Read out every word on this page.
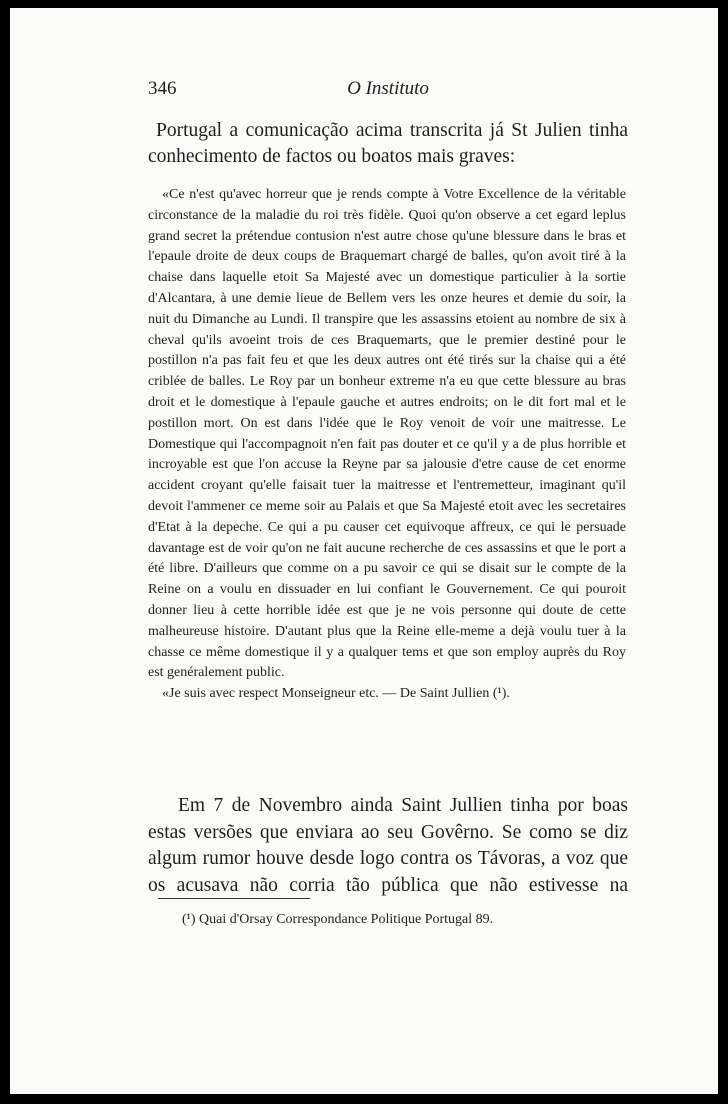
346	O Instituto

Portugal a comunicação acima transcrita já St Julien tinha conhecimento de factos ou boatos mais graves:

«Ce n'est qu'avec horreur que je rends compte à Votre Excellence de la véritable circonstance de la maladie du roi très fidèle. Quoi qu'on observe a cet egard leplus grand secret la prétendue contusion n'est autre chose qu'une blessure dans le bras et l'epaule droite de deux coups de Braquemart chargé de balles, qu'on avoit tiré à la chaise dans laquelle etoit Sa Majesté avec un domestique particulier à la sortie d'Alcantara, à une demie lieue de Bellem vers les onze heures et demie du soir, la nuit du Dimanche au Lundi. Il transpire que les assassins etoient au nombre de six à cheval qu'ils avoeint trois de ces Braquemarts, que le premier destiné pour le postillon n'a pas fait feu et que les deux autres ont été tirés sur la chaise qui a été criblée de balles. Le Roy par un bonheur extreme n'a eu que cette blessure au bras droit et le domestique à l'epaule gauche et autres endroits; on le dit fort mal et le postillon mort. On est dans l'idée que le Roy venoit de voir une maitresse. Le Domestique qui l'accompagnoit n'en fait pas douter et ce qu'il y a de plus horrible et incroyable est que l'on accuse la Reyne par sa jalousie d'etre cause de cet enorme accident croyant qu'elle faisait tuer la maitresse et l'entremetteur, imaginant qu'il devoit l'ammener ce meme soir au Palais et que Sa Majesté etoit avec les secretaires d'Etat à la depeche. Ce qui a pu causer cet equivoque affreux, ce qui le persuade davantage est de voir qu'on ne fait aucune recherche de ces assassins et que le port a été libre. D'ailleurs que comme on a pu savoir ce qui se disait sur le compte de la Reine on a voulu en dissuader en lui confiant le Gouvernement. Ce qui pouroit donner lieu à cette horrible idée est que je ne vois personne qui doute de cette malheureuse histoire. D'autant plus que la Reine elle-meme a dejà voulu tuer à la chasse ce même domestique il y a qualquer tems et que son employ auprès du Roy est genéralement public.

«Je suis avec respect Monseigneur etc. — De Saint Jullien (¹).

Em 7 de Novembro ainda Saint Jullien tinha por boas estas versões que enviara ao seu Govêrno. Se como se diz algum rumor houve desde logo contra os Távoras, a voz que os acusava não corria tão pública que não estivesse na

(¹) Quai d'Orsay Correspondance Politique Portugal 89.
